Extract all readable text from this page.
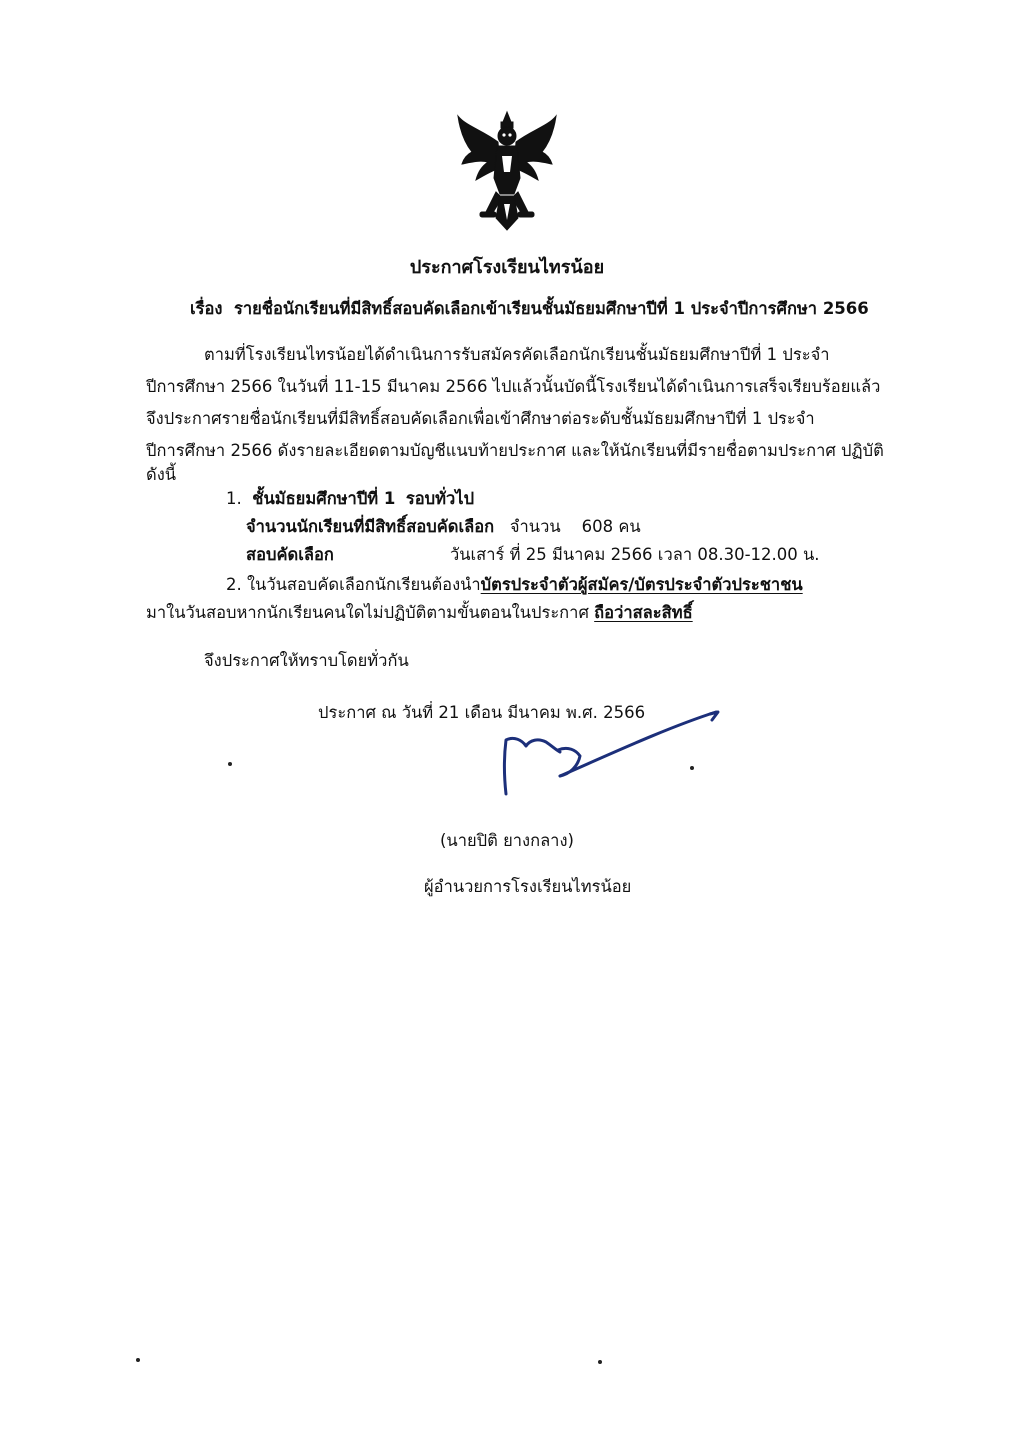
ประกาศโรงเรียนไทรน้อย
เรื่อง รายชื่อนักเรียนที่มีสิทธิ์สอบคัดเลือกเข้าเรียนชั้นมัธยมศึกษาปีที่ 1 ประจำปีการศึกษา 2566
ตามที่โรงเรียนไทรน้อยได้ดำเนินการรับสมัครคัดเลือกนักเรียนชั้นมัธยมศึกษาปีที่ 1 ประจำ
ปีการศึกษา 2566 ในวันที่ 11-15 มีนาคม 2566 ไปแล้วนั้นบัดนี้โรงเรียนได้ดำเนินการเสร็จเรียบร้อยแล้ว
จึงประกาศรายชื่อนักเรียนที่มีสิทธิ์สอบคัดเลือกเพื่อเข้าศึกษาต่อระดับชั้นมัธยมศึกษาปีที่ 1 ประจำ
ปีการศึกษา 2566 ดังรายละเอียดตามบัญชีแนบท้ายประกาศ และให้นักเรียนที่มีรายชื่อตามประกาศ ปฏิบัติ
ดังนี้
1. ชั้นมัธยมศึกษาปีที่ 1 รอบทั่วไป
จำนวนนักเรียนที่มีสิทธิ์สอบคัดเลือก จำนวน 608 คน
สอบคัดเลือก	วันเสาร์ ที่ 25 มีนาคม 2566 เวลา 08.30-12.00 น.
2. ในวันสอบคัดเลือกนักเรียนต้องนำบัตรประจำตัวผู้สมัคร/บัตรประจำตัวประชาชน
มาในวันสอบหากนักเรียนคนใดไม่ปฏิบัติตามขั้นตอนในประกาศ ถือว่าสละสิทธิ์
จึงประกาศให้ทราบโดยทั่วกัน
ประกาศ ณ วันที่ 21 เดือน มีนาคม พ.ศ. 2566
(นายปิติ ยางกลาง)
ผู้อำนวยการโรงเรียนไทรน้อย
